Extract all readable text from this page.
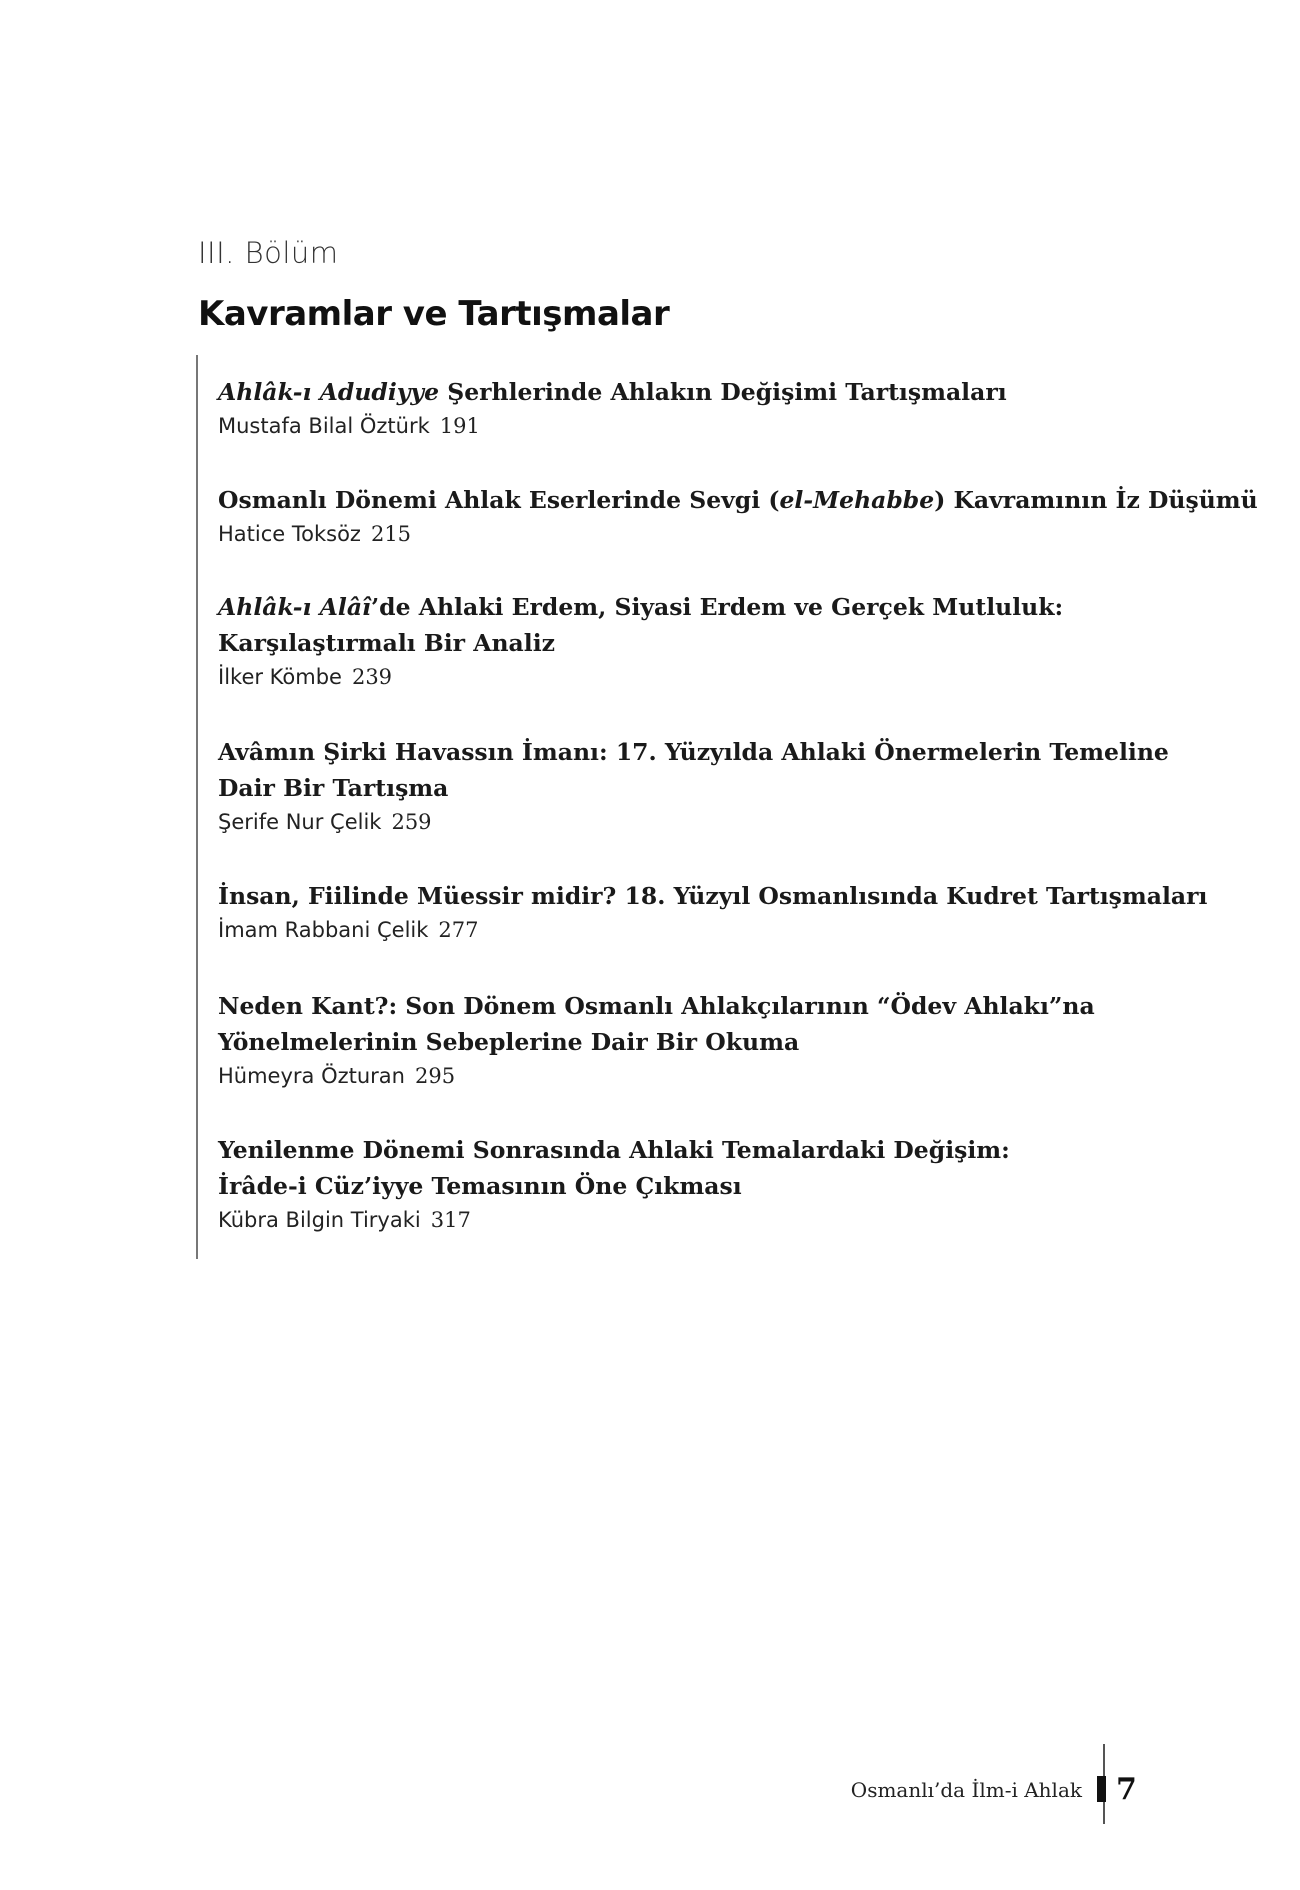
III. Bölüm
Kavramlar ve Tartışmalar
Ahlâk-ı Adudiyye Şerhlerinde Ahlakın Değişimi Tartışmaları
Mustafa Bilal Öztürk 191
Osmanlı Dönemi Ahlak Eserlerinde Sevgi (el-Mehabbe) Kavramının İz Düşümü
Hatice Toksöz 215
Ahlâk-ı Alâî’de Ahlaki Erdem, Siyasi Erdem ve Gerçek Mutluluk:
Karşılaştırmalı Bir Analiz
İlker Kömbe 239
Avâmın Şirki Havassın İmanı: 17. Yüzyılda Ahlaki Önermelerin Temeline
Dair Bir Tartışma
Şerife Nur Çelik 259
İnsan, Fiilinde Müessir midir? 18. Yüzyıl Osmanlısında Kudret Tartışmaları
İmam Rabbani Çelik 277
Neden Kant?: Son Dönem Osmanlı Ahlakçılarının “Ödev Ahlakı”na
Yönelmelerinin Sebeplerine Dair Bir Okuma
Hümeyra Özturan 295
Yenilenme Dönemi Sonrasında Ahlaki Temalardaki Değişim:
İrâde-i Cüz’iyye Temasının Öne Çıkması
Kübra Bilgin Tiryaki 317
Osmanlı’da İlm-i Ahlak 7
